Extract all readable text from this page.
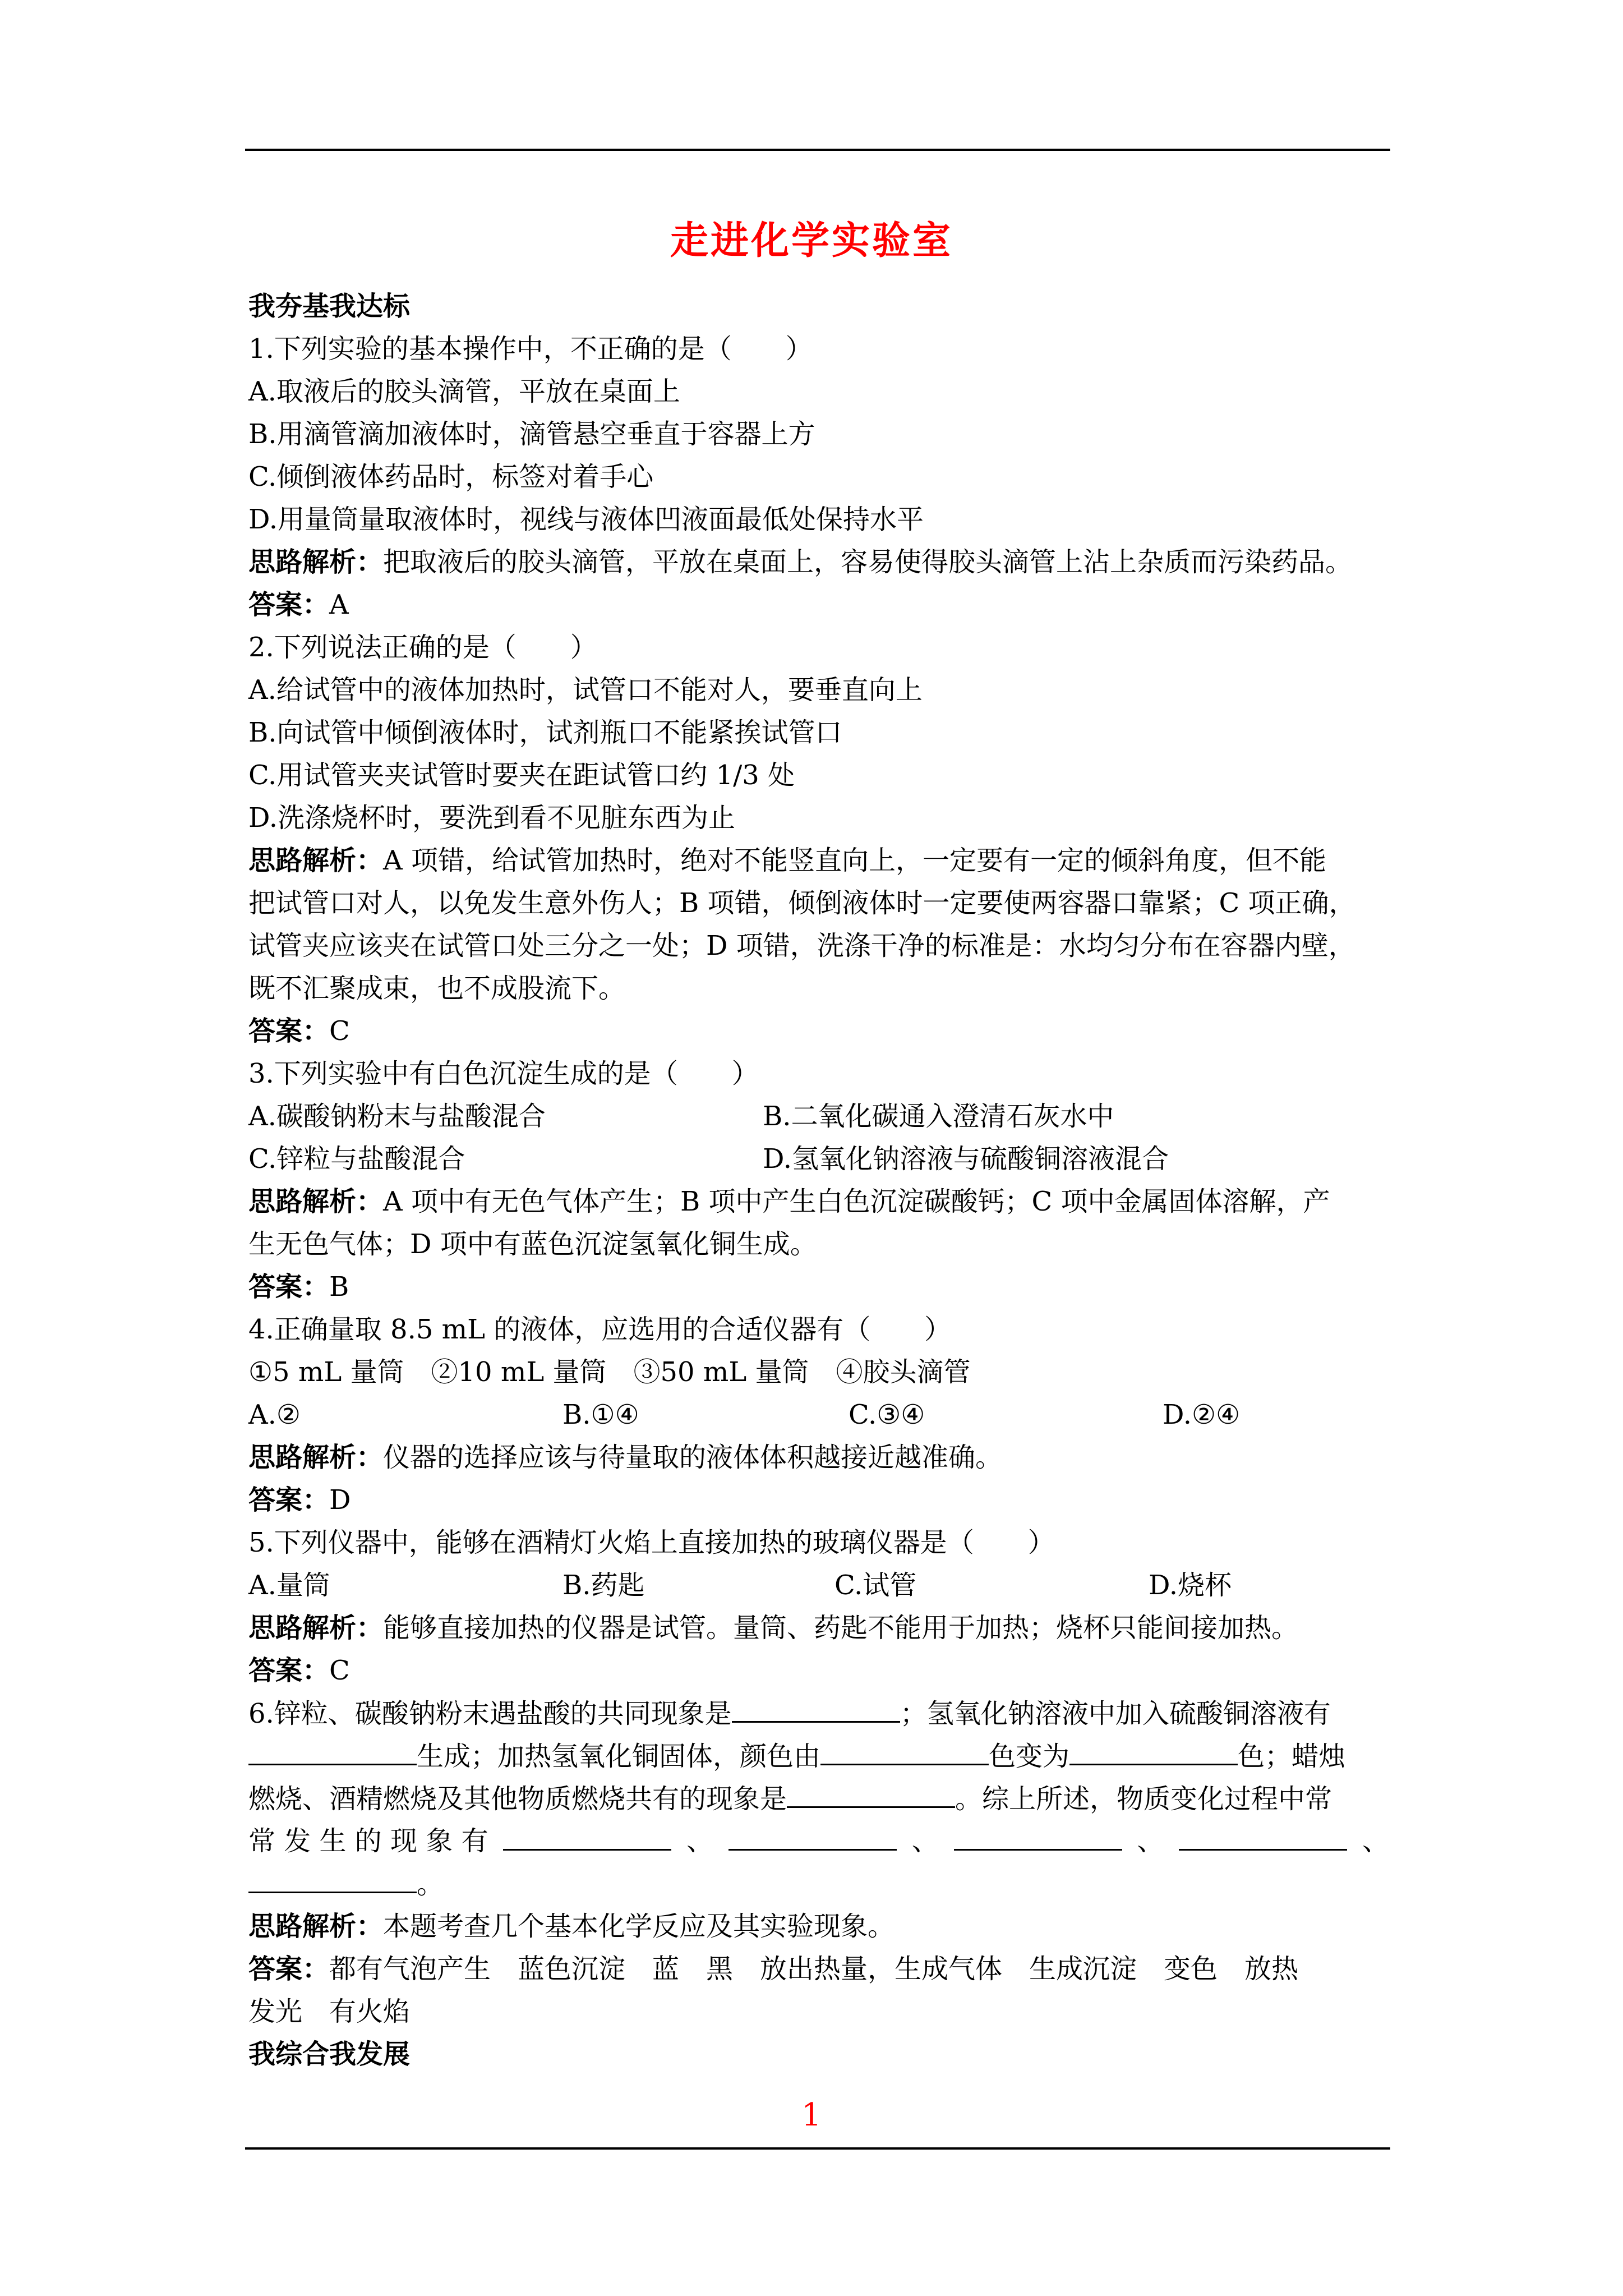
走进化学实验室
我夯基我达标
1.下列实验的基本操作中，不正确的是（　　）
A.取液后的胶头滴管，平放在桌面上
B.用滴管滴加液体时，滴管悬空垂直于容器上方
C.倾倒液体药品时，标签对着手心
D.用量筒量取液体时，视线与液体凹液面最低处保持水平
思路解析：把取液后的胶头滴管，平放在桌面上，容易使得胶头滴管上沾上杂质而污染药品。
答案：A
2.下列说法正确的是（　　）
A.给试管中的液体加热时，试管口不能对人，要垂直向上
B.向试管中倾倒液体时，试剂瓶口不能紧挨试管口
C.用试管夹夹试管时要夹在距试管口约 1/3 处
D.洗涤烧杯时，要洗到看不见脏东西为止
思路解析：A 项错，给试管加热时，绝对不能竖直向上，一定要有一定的倾斜角度，但不能
把试管口对人，以免发生意外伤人；B 项错，倾倒液体时一定要使两容器口靠紧；C 项正确，
试管夹应该夹在试管口处三分之一处；D 项错，洗涤干净的标准是：水均匀分布在容器内壁，
既不汇聚成束，也不成股流下。
答案：C
3.下列实验中有白色沉淀生成的是（　　）
A.碳酸钠粉末与盐酸混合	B.二氧化碳通入澄清石灰水中
C.锌粒与盐酸混合	D.氢氧化钠溶液与硫酸铜溶液混合
思路解析：A 项中有无色气体产生；B 项中产生白色沉淀碳酸钙；C 项中金属固体溶解，产
生无色气体；D 项中有蓝色沉淀氢氧化铜生成。
答案：B
4.正确量取 8.5 mL 的液体，应选用的合适仪器有（　　）
①5 mL 量筒　②10 mL 量筒　③50 mL 量筒　④胶头滴管
A.②	B.①④	C.③④	D.②④
思路解析：仪器的选择应该与待量取的液体体积越接近越准确。
答案：D
5.下列仪器中，能够在酒精灯火焰上直接加热的玻璃仪器是（　　）
A.量筒	B.药匙	C.试管	D.烧杯
思路解析：能够直接加热的仪器是试管。量筒、药匙不能用于加热；烧杯只能间接加热。
答案：C
6.锌粒、碳酸钠粉末遇盐酸的共同现象是	；氢氧化钠溶液中加入硫酸铜溶液有
生成；加热氢氧化铜固体，颜色由	色变为	色；蜡烛
燃烧、酒精燃烧及其他物质燃烧共有的现象是	。综上所述，物质变化过程中常
常 发 生 的 现 象 有	、	、	、	、
。
思路解析：本题考查几个基本化学反应及其实验现象。
答案：都有气泡产生　蓝色沉淀　蓝　黑　放出热量，生成气体　生成沉淀　变色　放热
发光　有火焰
我综合我发展
1
